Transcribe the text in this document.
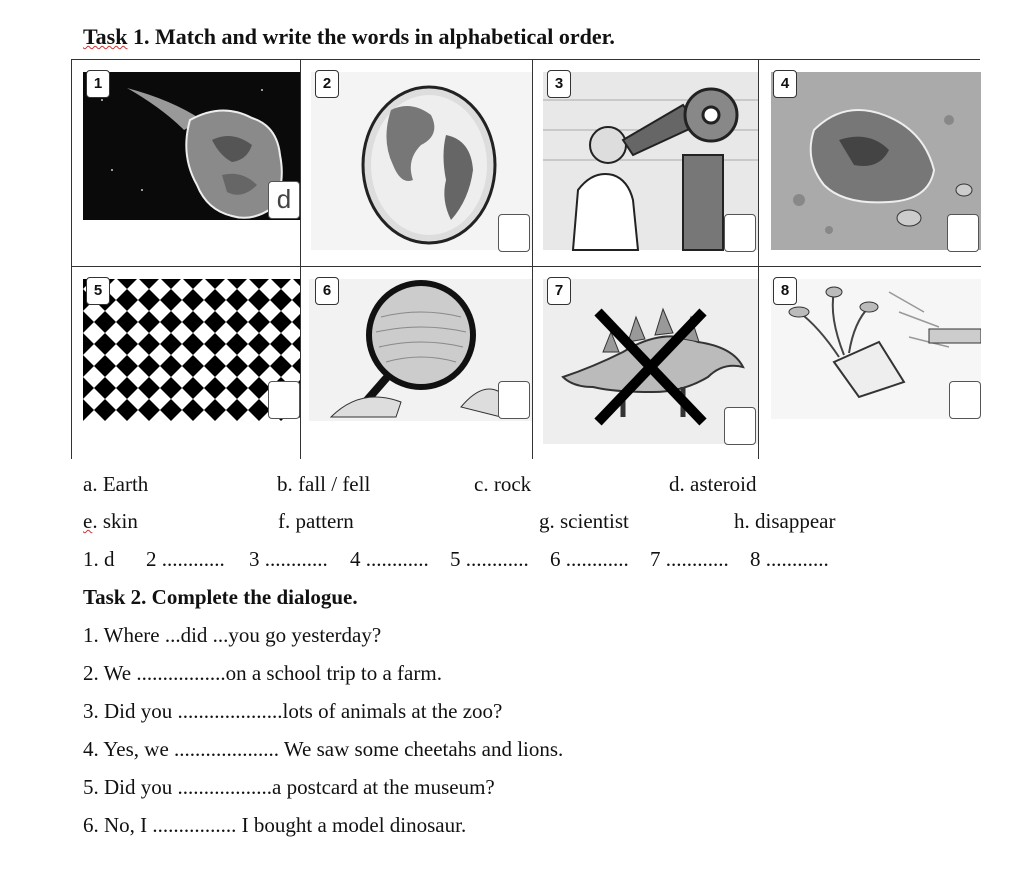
Task 1. Match and write the words in alphabetical order.
1
d
2	3	4
5	6	7	8
a. Earth	b. fall / fell	c. rock	d. asteroid
e. skin	f. pattern	g. scientist	h. disappear
1. d 2 ............ 3 ............ 4 ............ 5 ............ 6 ............ 7 ............ 8 ............
Task 2. Complete the dialogue.
1. Where ...did ...you go yesterday?
2. We .................on a school trip to a farm.
3. Did you ....................lots of animals at the zoo?
4. Yes, we .................... We saw some cheetahs and lions.
5. Did you ..................a postcard at the museum?
6. No, I ................ I bought a model dinosaur.
